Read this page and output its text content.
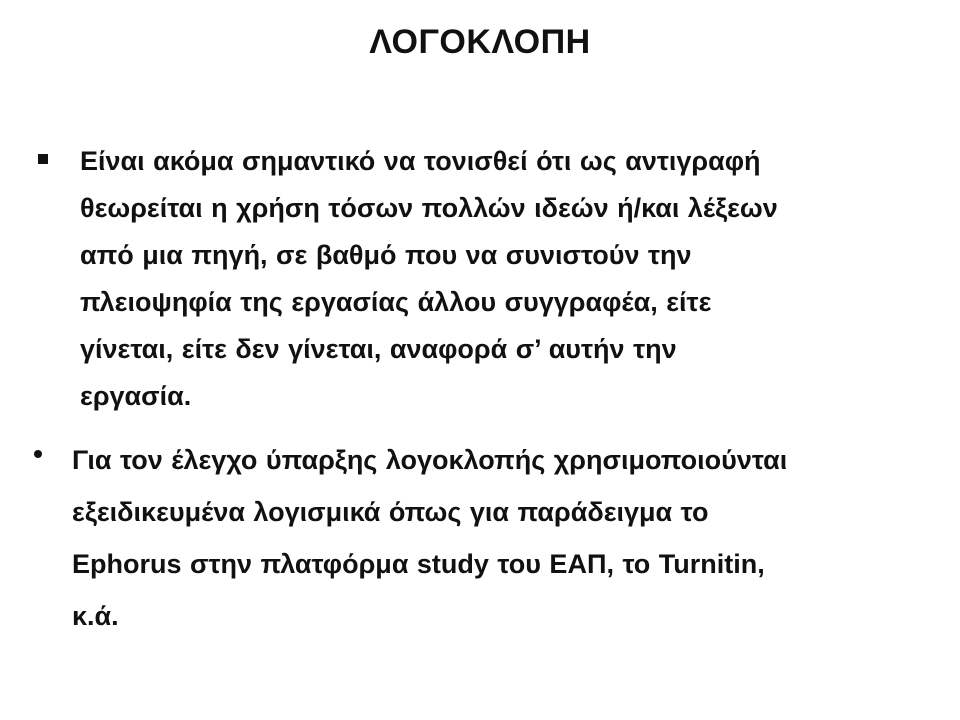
ΛΟΓΟΚΛΟΠΗ
Είναι ακόμα σημαντικό να τονισθεί ότι ως αντιγραφή
θεωρείται η χρήση τόσων πολλών ιδεών ή/και λέξεων
από μια πηγή, σε βαθμό που να συνιστούν την
πλειοψηφία της εργασίας άλλου συγγραφέα, είτε
γίνεται, είτε δεν γίνεται, αναφορά σ’ αυτήν την
εργασία.
Για τον έλεγχο ύπαρξης λογοκλοπής χρησιμοποιούνται
εξειδικευμένα λογισμικά όπως για παράδειγμα το
Ephorus στην πλατφόρμα study του ΕΑΠ, το Turnitin,
κ.ά.
